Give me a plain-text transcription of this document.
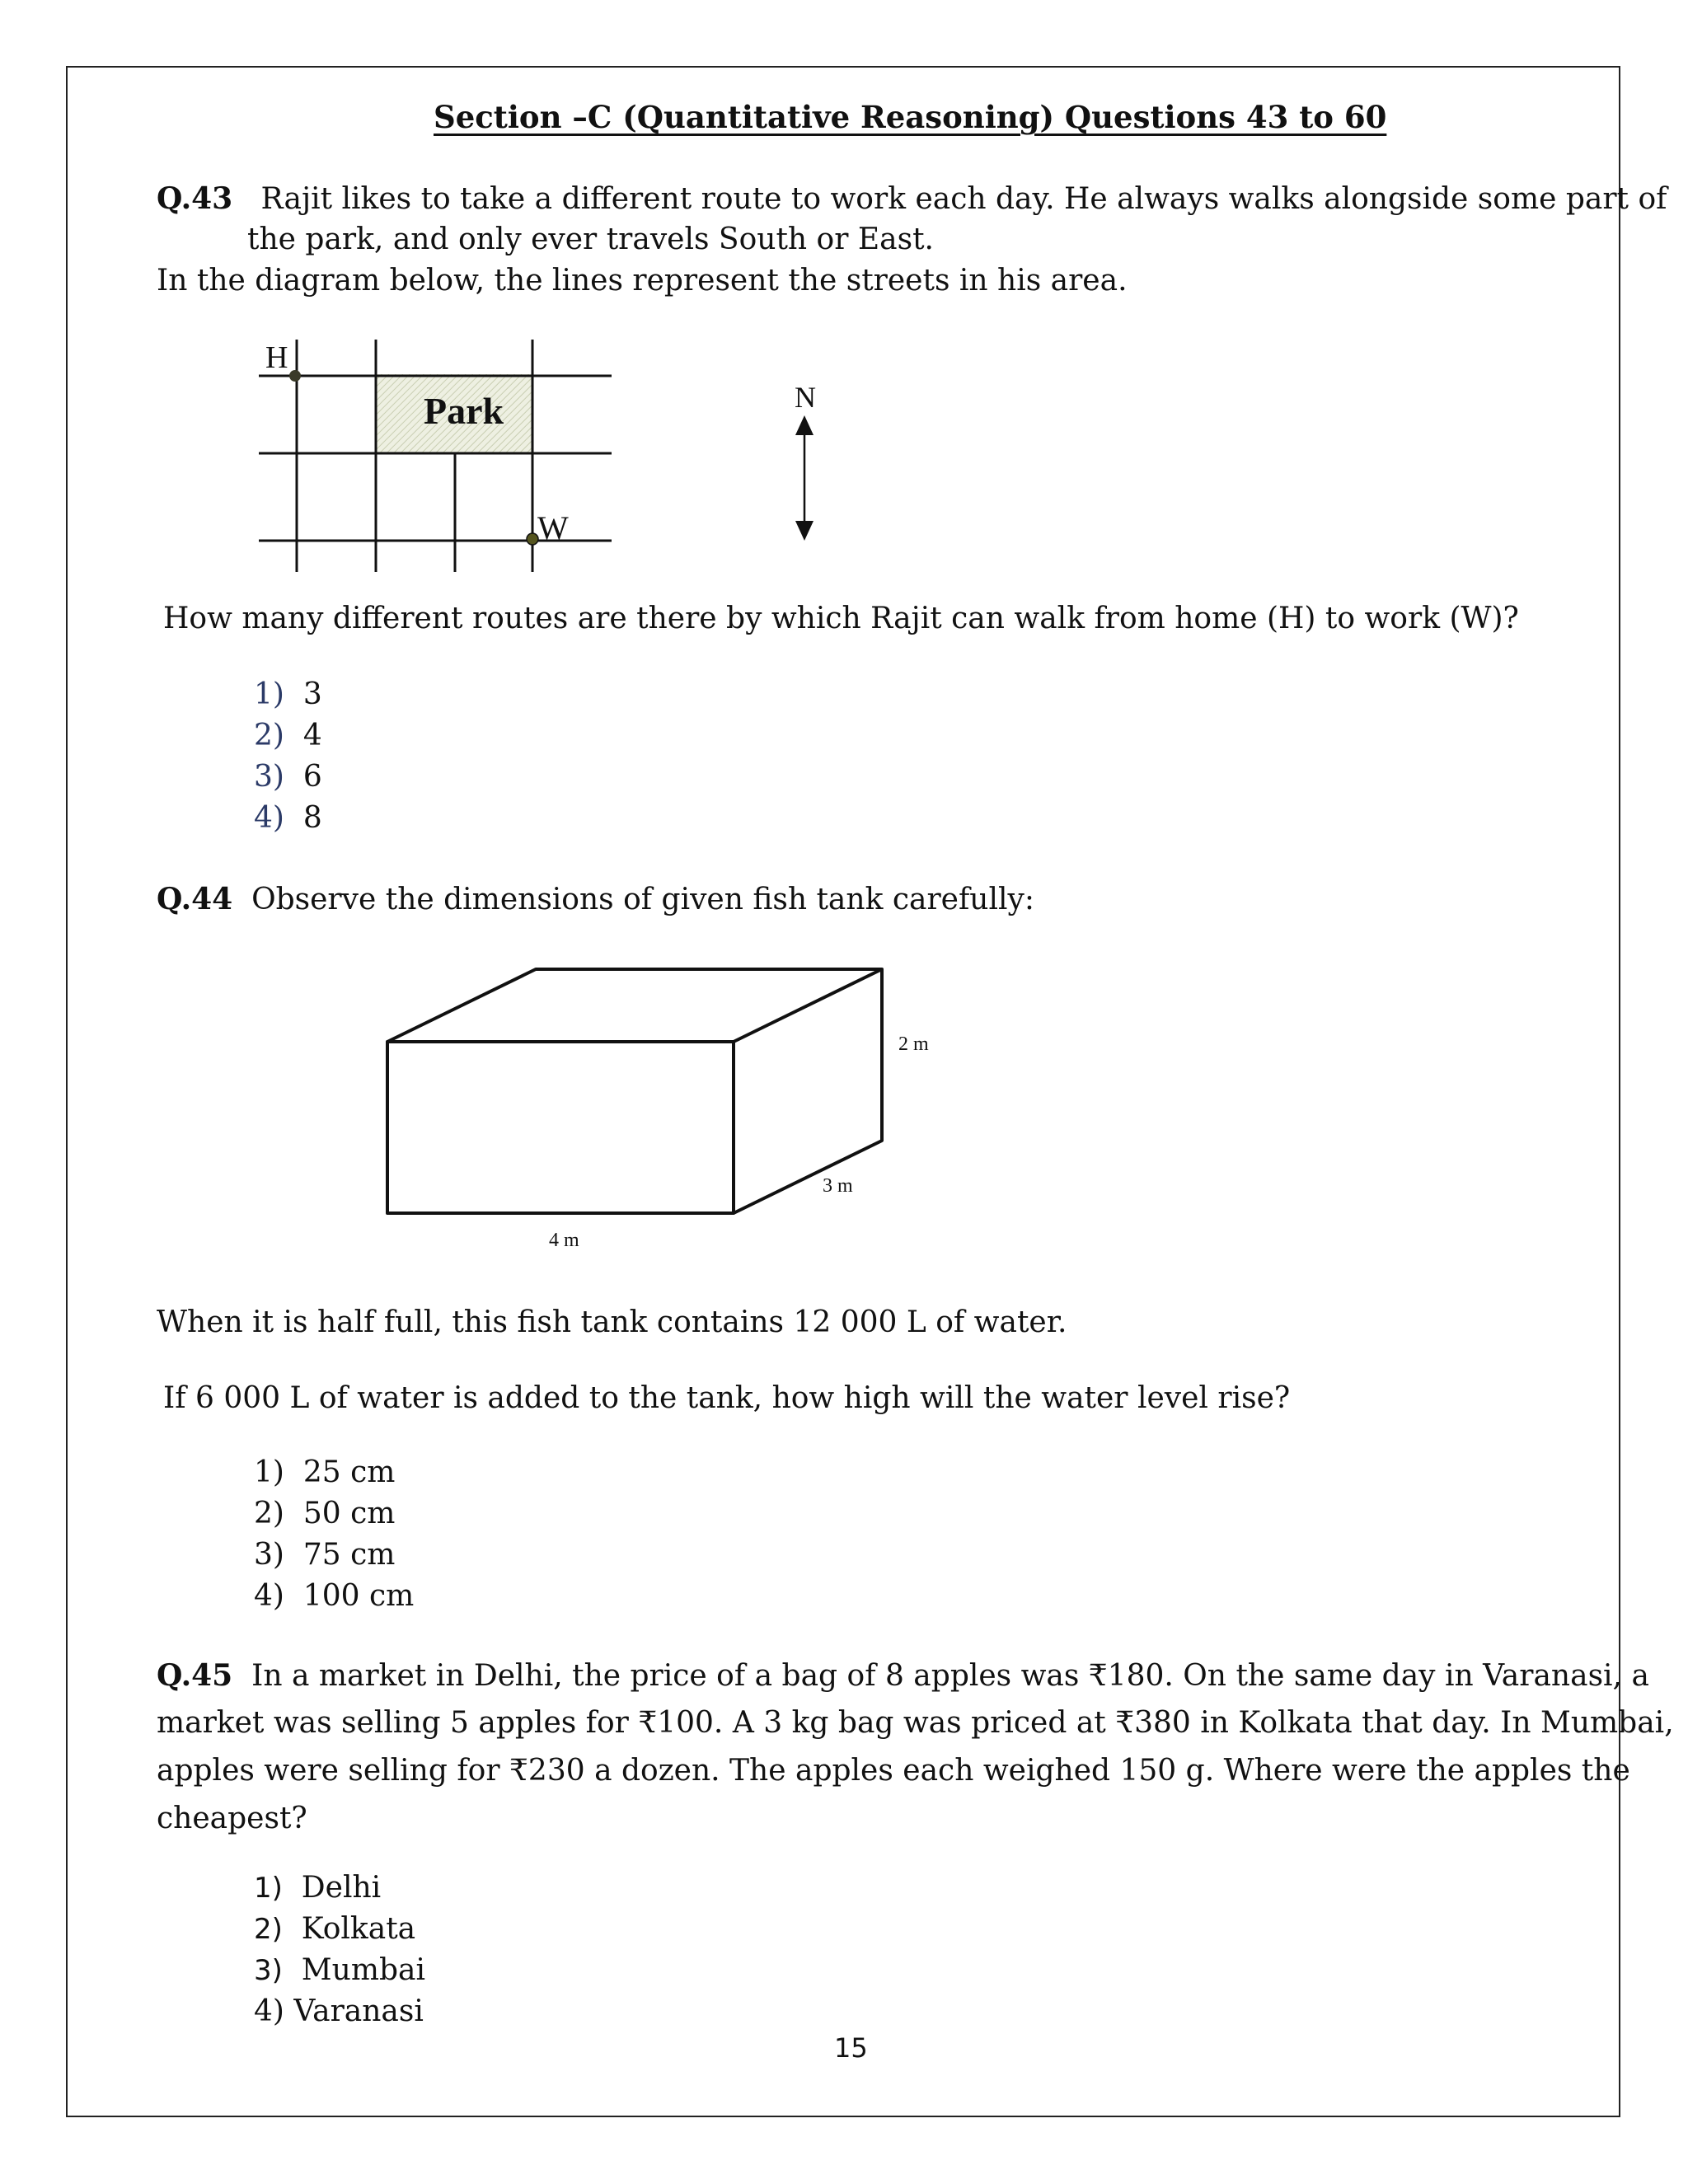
Section –C (Quantitative Reasoning) Questions 43 to 60
Q.43 Rajit likes to take a different route to work each day. He always walks alongside some part of
the park, and only ever travels South or East.
In the diagram below, the lines represent the streets in his area.
H
Park
W
N
2 m
3 m
4 m
How many different routes are there by which Rajit can walk from home (H) to work (W)?
1) 3
2) 4
3) 6
4) 8
Q.44 Observe the dimensions of given fish tank carefully:
When it is half full, this fish tank contains 12 000 L of water.
If 6 000 L of water is added to the tank, how high will the water level rise?
1) 25 cm
2) 50 cm
3) 75 cm
4) 100 cm
Q.45 In a market in Delhi, the price of a bag of 8 apples was ₹180. On the same day in Varanasi, a
market was selling 5 apples for ₹100. A 3 kg bag was priced at ₹380 in Kolkata that day. In Mumbai,
apples were selling for ₹230 a dozen. The apples each weighed 150 g. Where were the apples the
cheapest?
1) Delhi
2) Kolkata
3) Mumbai
4) Varanasi
15
